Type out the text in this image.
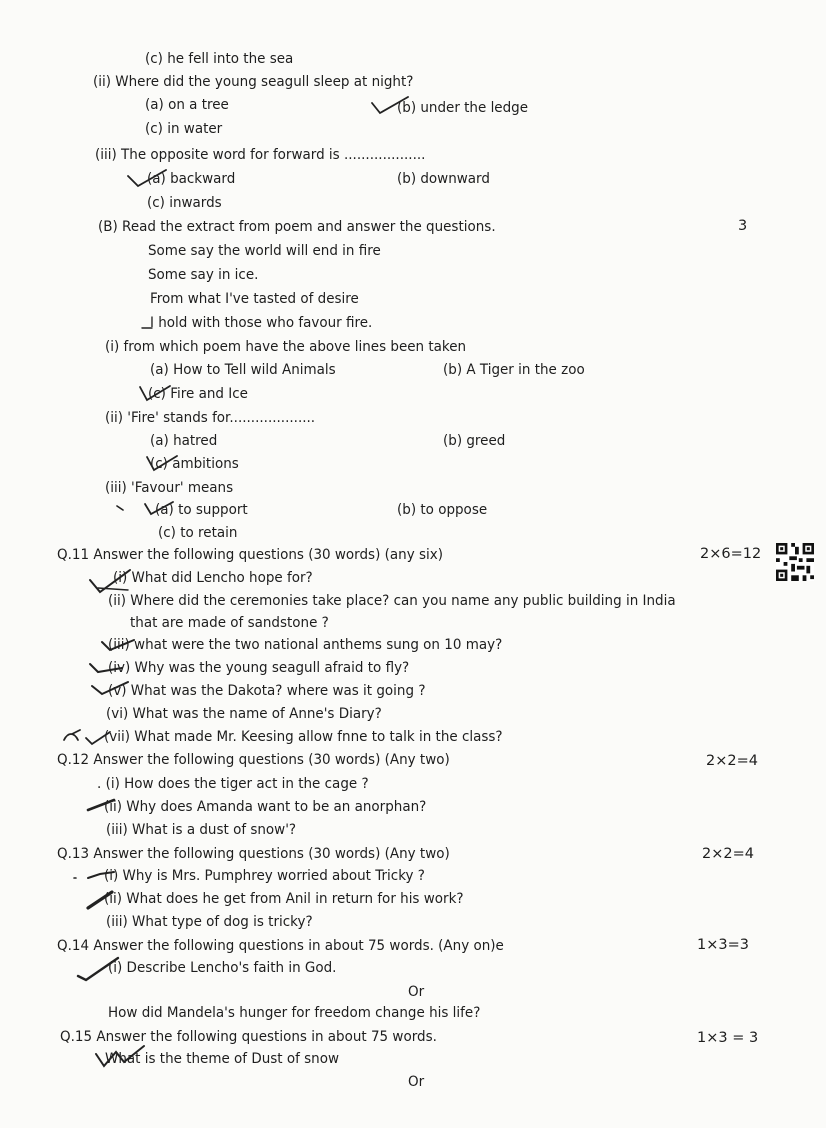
(c) he fell into the sea
(ii) Where did the young seagull sleep at night?
(a) on a tree	(b) under the ledge
(c) in water
(iii) The opposite word for forward is ...................
(a) backward	(b) downward
(c) inwards
(B) Read the extract from poem and answer the questions.
Some say the world will end in fire
Some say in ice.
From what I've tasted of desire
I hold with those who favour fire.
(i) from which poem have the above lines been taken
(a) How to Tell wild Animals	(b) A Tiger in the zoo
(c) Fire and Ice
(ii) 'Fire' stands for....................
(a) hatred	(b) greed
(c) ambitions
(iii) 'Favour' means
(a) to support	(b) to oppose
(c) to retain
Q.11 Answer the following questions (30 words) (any six)
(i) What did Lencho hope for?
(ii) Where did the ceremonies take place? can you name any public building in India
that are made of sandstone ?
(iii) what were the two national anthems sung on 10 may?
(iv) Why was the young seagull afraid to fly?
(v) What was the Dakota? where was it going ?
(vi) What was the name of Anne's Diary?
(vii) What made Mr. Keesing allow fnne to talk in the class?
Q.12 Answer the following questions (30 words) (Any two)
. (i) How does the tiger act in the cage ?
(ii) Why does Amanda want to be an anorphan?
(iii) What is a dust of snow'?
Q.13 Answer the following questions (30 words) (Any two)
(i) Why is Mrs. Pumphrey worried about Tricky ?
(ii) What does he get from Anil in return for his work?
(iii) What type of dog is tricky?
Q.14 Answer the following questions in about 75 words. (Any on)e
(i) Describe Lencho's faith in God.
Or
How did Mandela's hunger for freedom change his life?
Q.15 Answer the following questions in about 75 words.
What is the theme of Dust of snow
Or
3
2×6=12
2×2=4
2×2=4
1×3=3
1×3 = 3
